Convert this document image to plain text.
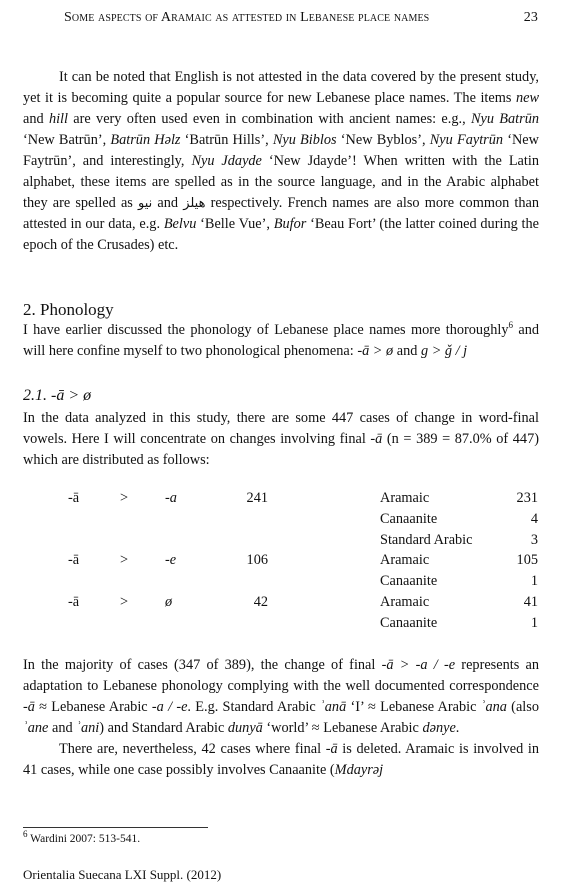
Some aspects of Aramaic as attested in Lebanese place names	23

It can be noted that English is not attested in the data covered by the present study, yet it is becoming quite a popular source for new Lebanese place names. The items new and hill are very often used even in combination with ancient names: e.g., Nyu Batrūn ‘New Batrūn’, Batrūn Həlz ‘Batrūn Hills’, Nyu Biblos ‘New Byblos’, Nyu Faytrūn ‘New Faytrūn’, and interestingly, Nyu Jdayde ‘New Jdayde’! When written with the Latin alphabet, these items are spelled as in the source language, and in the Arabic alphabet they are spelled as نيو and هيلز respectively. French names are also more common than attested in our data, e.g. Belvu ‘Belle Vue’, Bufor ‘Beau Fort’ (the latter coined during the epoch of the Crusades) etc.

2. Phonology

I have earlier discussed the phonology of Lebanese place names more thoroughly$^6$ and will here confine myself to two phonological phenomena: -ā > ø and g > ǧ / j

2.1. -ā > ø

In the data analyzed in this study, there are some 447 cases of change in word-final vowels. Here I will concentrate on changes involving final -ā (n = 389 = 87.0% of 447) which are distributed as follows:

-ā	>	-a	241	Aramaic	231
Canaanite	4
Standard Arabic	3
-ā	>	-e	106	Aramaic	105
Canaanite	1
-ā	>	ø	42	Aramaic	41
Canaanite	1

In the majority of cases (347 of 389), the change of final -ā > -a / -e represents an adaptation to Lebanese phonology complying with the well documented correspondence -ā ≈ Lebanese Arabic -a / -e. E.g. Standard Arabic ʾanā ‘I’ ≈ Lebanese Arabic ʾana (also ʾane and ʾani) and Standard Arabic dunyā ‘world’ ≈ Lebanese Arabic dənye.

There are, nevertheless, 42 cases where final -ā is deleted. Aramaic is involved in 41 cases, while one case possibly involves Canaanite (Mdayrəj

$^6$ Wardini 2007: 513-541.
Orientalia Suecana LXI Suppl. (2012)
